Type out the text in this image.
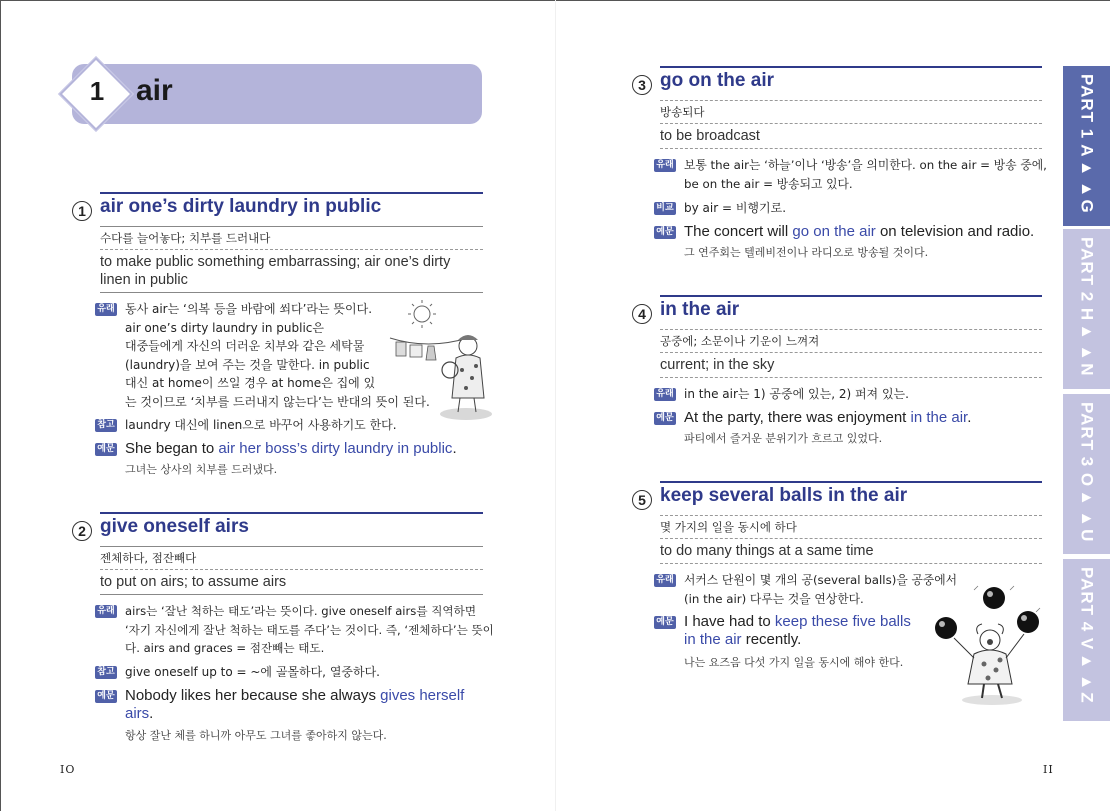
1	air
1 air one’s dirty laundry in public
수다를 늘어놓다; 치부를 드러내다
to make public something embarrassing; air one’s dirty linen in public
유래 동사 air는 ‘의복 등을 바람에 쐬다’라는 뜻이다.
air one’s dirty laundry in public은
대중들에게 자신의 더러운 치부와 같은 세탁물
(laundry)을 보여 주는 것을 말한다. in public
대신 at home이 쓰일 경우 at home은 집에 있
는 것이므로 ‘치부를 드러내지 않는다’는 반대의 뜻이 된다.
참고 laundry 대신에 linen으로 바꾸어 사용하기도 한다.
예문 She began to air her boss’s dirty laundry in public.
그녀는 상사의 치부를 드러냈다.
2 give oneself airs
젠체하다, 점잔빼다
to put on airs; to assume airs
유래 airs는 ‘잘난 척하는 태도’라는 뜻이다. give oneself airs를 직역하면
‘자기 자신에게 잘난 척하는 태도를 주다’는 것이다. 즉, ‘젠체하다’는 뜻이
다. airs and graces = 점잔빼는 태도.
참고 give oneself up to = ~에 골몰하다, 열중하다.
예문 Nobody likes her because she always gives herself airs.
항상 잘난 체를 하니까 아무도 그녀를 좋아하지 않는다.
3 go on the air
방송되다
to be broadcast
유래 보통 the air는 ‘하늘’이나 ‘방송’을 의미한다. on the air = 방송 중에,
be on the air = 방송되고 있다.
비교 by air = 비행기로.
예문 The concert will go on the air on television and radio.
그 연주회는 텔레비전이나 라디오로 방송될 것이다.
4 in the air
공중에; 소문이나 기운이 느껴져
current; in the sky
유래 in the air는 1) 공중에 있는, 2) 퍼져 있는.
예문 At the party, there was enjoyment in the air.
파티에서 즐거운 분위기가 흐르고 있었다.
5 keep several balls in the air
몇 가지의 일을 동시에 하다
to do many things at a same time
유래 서커스 단원이 몇 개의 공(several balls)을 공중에서
(in the air) 다루는 것을 연상한다.
예문 I have had to keep these five balls
in the air recently.
나는 요즈음 다섯 가지 일을 동시에 해야 한다.
PART 1 A▸▸G
PART 2 H▸▸N
PART 3 O▸▸U
PART 4 V▸▸Z
IO	II
